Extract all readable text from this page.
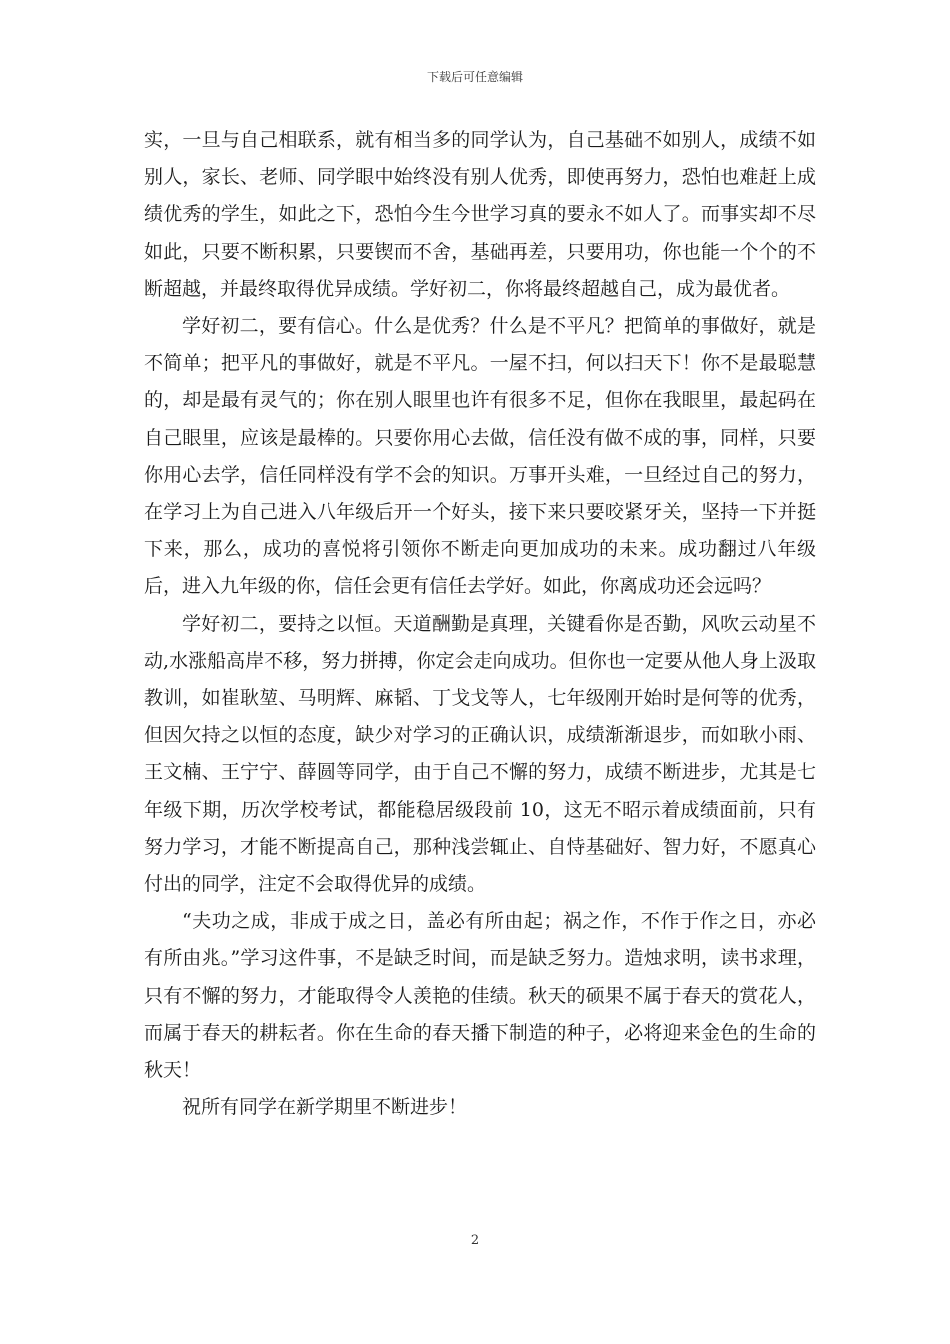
下载后可任意编辑

实，一旦与自己相联系，就有相当多的同学认为，自己基础不如别人，成绩不如别人，家长、老师、同学眼中始终没有别人优秀，即使再努力，恐怕也难赶上成绩优秀的学生，如此之下，恐怕今生今世学习真的要永不如人了。而事实却不尽如此，只要不断积累，只要锲而不舍，基础再差，只要用功，你也能一个个的不断超越，并最终取得优异成绩。学好初二，你将最终超越自己，成为最优者。

学好初二，要有信心。什么是优秀？什么是不平凡？把简单的事做好，就是不简单；把平凡的事做好，就是不平凡。一屋不扫，何以扫天下！你不是最聪慧的，却是最有灵气的；你在别人眼里也许有很多不足，但你在我眼里，最起码在自己眼里，应该是最棒的。只要你用心去做，信任没有做不成的事，同样，只要你用心去学，信任同样没有学不会的知识。万事开头难，一旦经过自己的努力，在学习上为自己进入八年级后开一个好头，接下来只要咬紧牙关，坚持一下并挺下来，那么，成功的喜悦将引领你不断走向更加成功的未来。成功翻过八年级后，进入九年级的你，信任会更有信任去学好。如此，你离成功还会远吗？

学好初二，要持之以恒。天道酬勤是真理，关键看你是否勤，风吹云动星不动,水涨船高岸不移，努力拼搏，你定会走向成功。但你也一定要从他人身上汲取教训，如崔耿堃、马明辉、麻韬、丁戈戈等人，七年级刚开始时是何等的优秀，但因欠持之以恒的态度，缺少对学习的正确认识，成绩渐渐退步，而如耿小雨、王文楠、王宁宁、薛圆等同学，由于自己不懈的努力，成绩不断进步，尤其是七年级下期，历次学校考试，都能稳居级段前 10，这无不昭示着成绩面前，只有努力学习，才能不断提高自己，那种浅尝辄止、自恃基础好、智力好，不愿真心付出的同学，注定不会取得优异的成绩。

“夫功之成，非成于成之日，盖必有所由起；祸之作，不作于作之日，亦必有所由兆。”学习这件事，不是缺乏时间，而是缺乏努力。造烛求明，读书求理，只有不懈的努力，才能取得令人羡艳的佳绩。秋天的硕果不属于春天的赏花人，而属于春天的耕耘者。你在生命的春天播下制造的种子，必将迎来金色的生命的秋天！

祝所有同学在新学期里不断进步！

2
